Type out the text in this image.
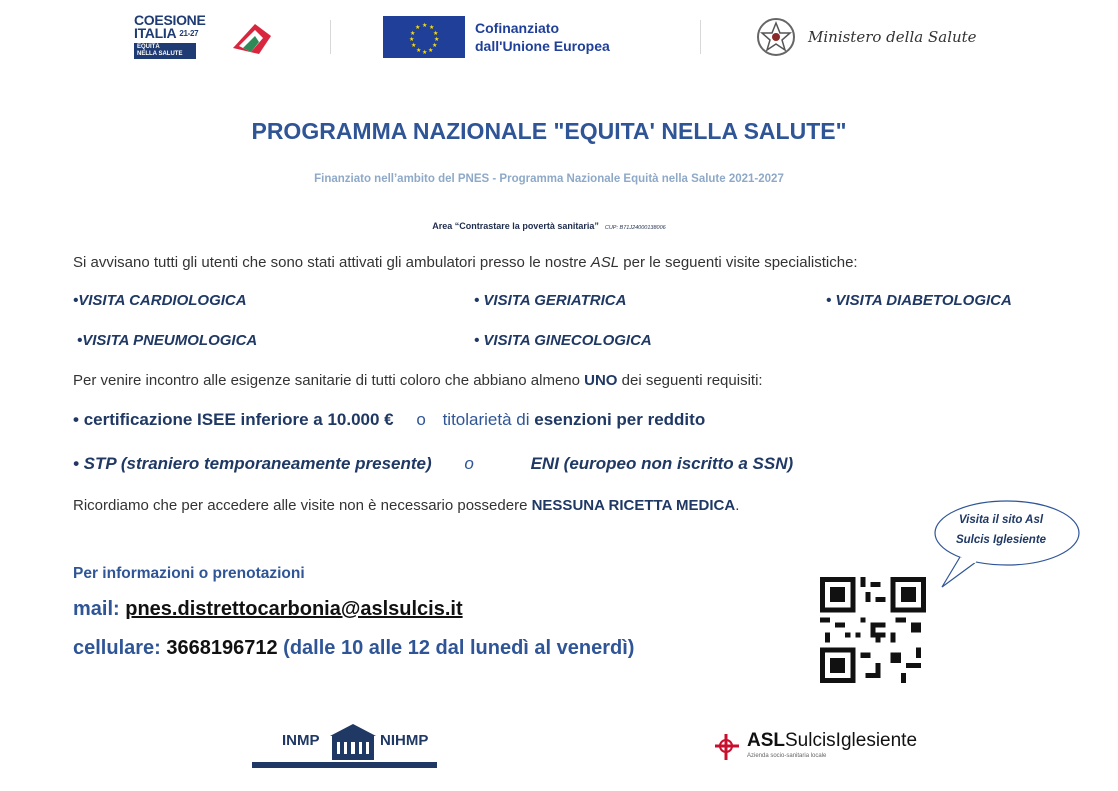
COESIONE
ITALIA $^{21-27}$
EQUITÀ
NELLA SALUTE
★ ★
★
★
★
★
★
★
★
★
★
★	Cofinanziato
dall'Unione Europea	Ministero della Salute
PROGRAMMA NAZIONALE "EQUITA' NELLA SALUTE"
Finanziato nell’ambito del PNES - Programma Nazionale Equità nella Salute 2021-2027
Area “Contrastare la povertà sanitaria” CUP: B71J24000138006
Si avvisano tutti gli utenti che sono stati attivati gli ambulatori presso le nostre ASL per le seguenti visite specialistiche:
•VISITA CARDIOLOGICA	• VISITA GERIATRICA	• VISITA DIABETOLOGICA
•VISITA PNEUMOLOGICA	• VISITA GINECOLOGICA
Per venire incontro alle esigenze sanitarie di tutti coloro che abbiano almeno UNO dei seguenti requisiti:
• certificazione ISEE inferiore a 10.000 € o titolarietà di esenzioni per reddito
• STP (straniero temporaneamente presente) o	ENI (europeo non iscritto a SSN)
Ricordiamo che per accedere alle visite non è necessario possedere NESSUNA RICETTA MEDICA.
Visita il sito Asl
Sulcis Iglesiente
Per informazioni o prenotazioni
mail: pnes.distrettocarbonia@aslsulcis.it
cellulare: 3668196712 (dalle 10 alle 12 dal lunedì al venerdì)
INMP	NIHMP	ASLSulcisIglesiente
Azienda socio-sanitaria locale
